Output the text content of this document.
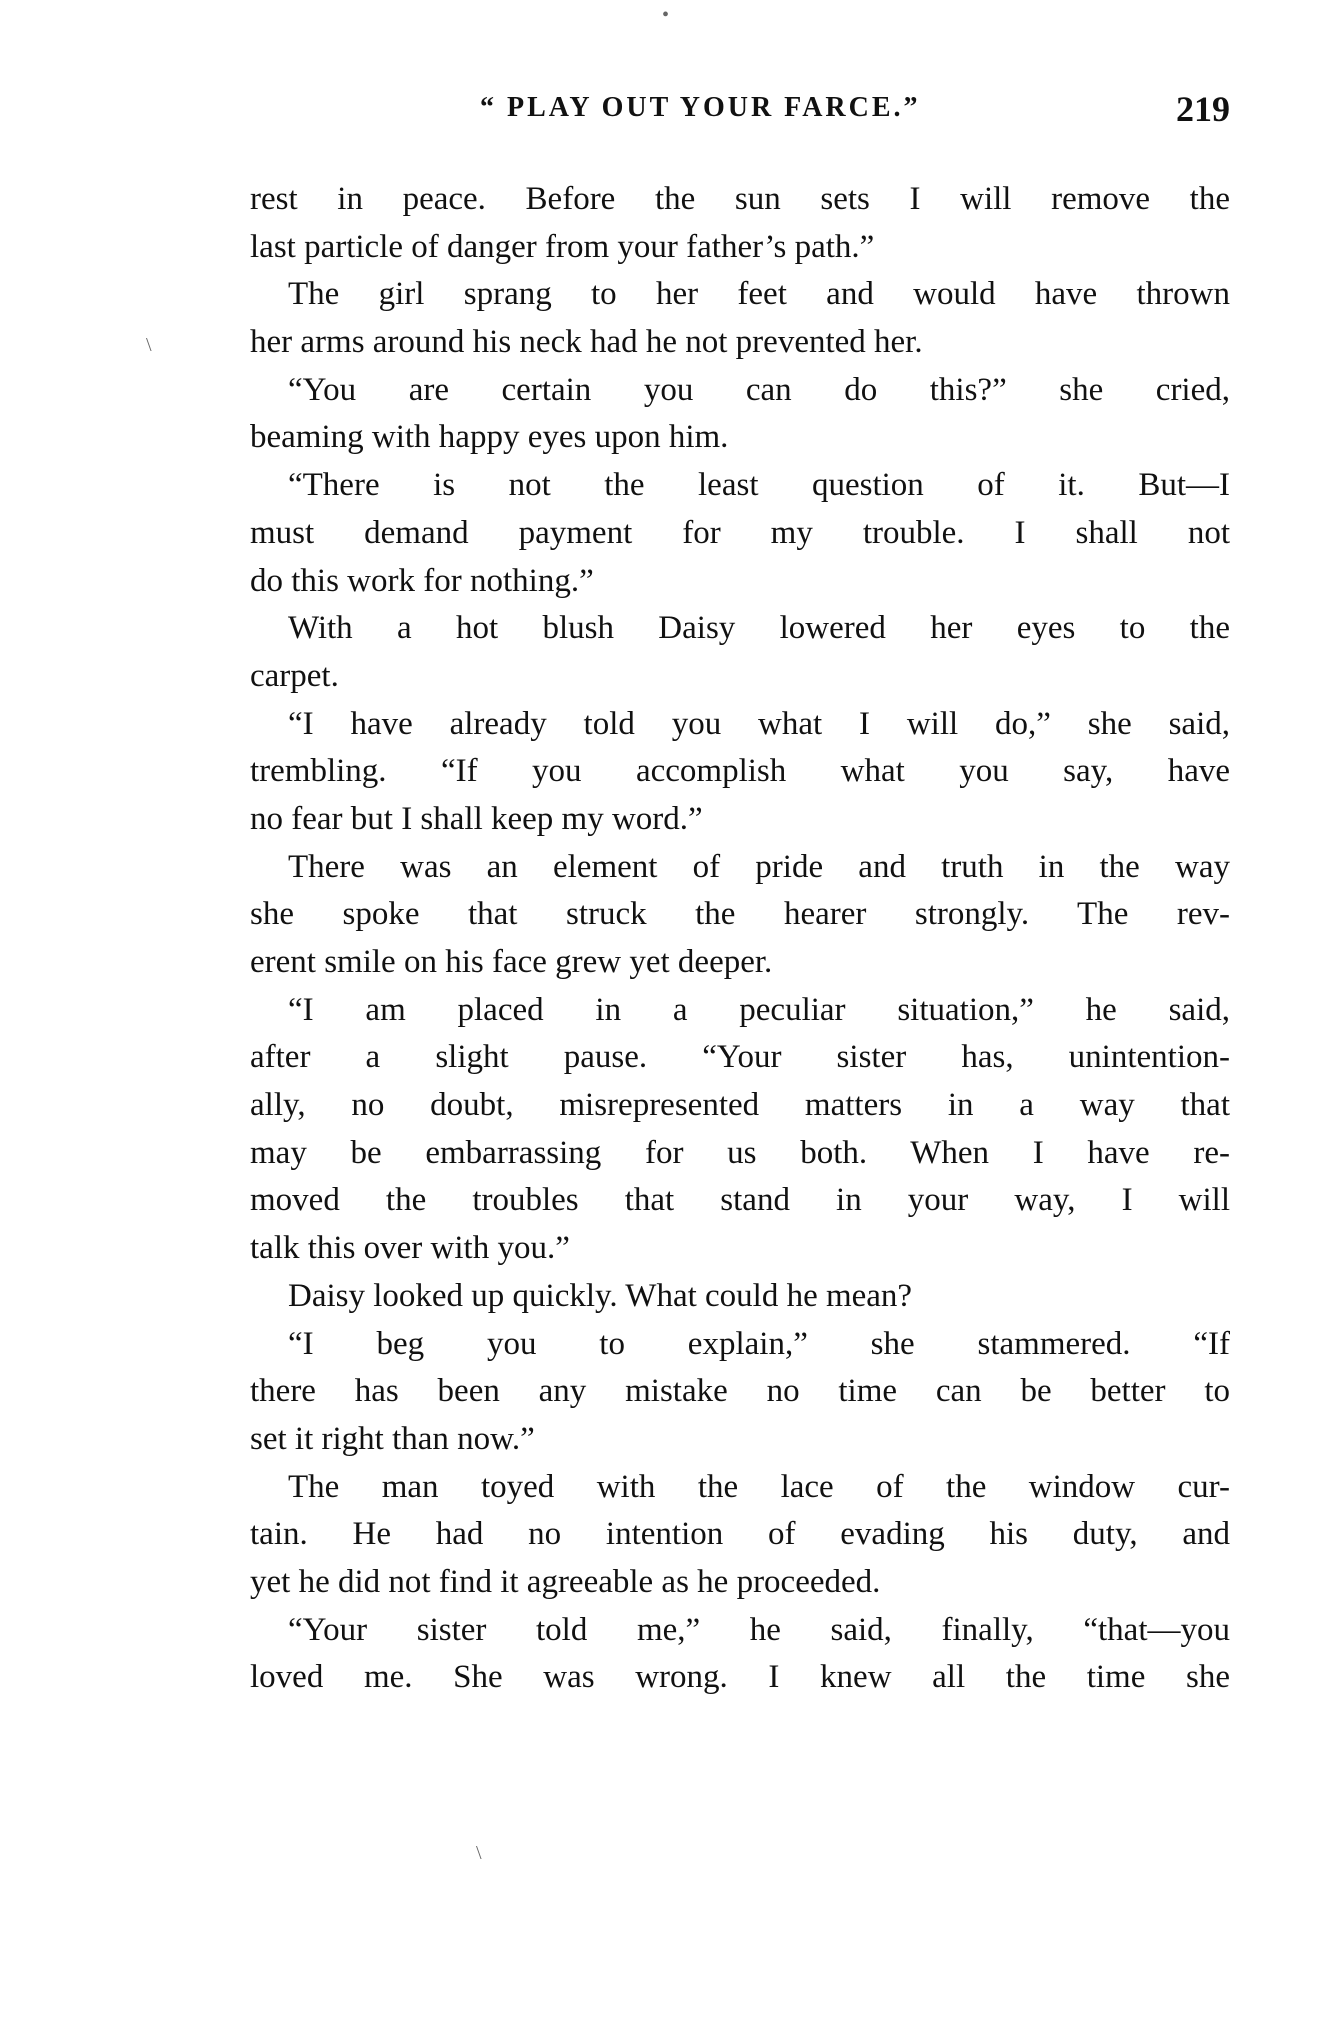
“ PLAY OUT YOUR FARCE.”	219
rest in peace. Before the sun sets I will remove the
last particle of danger from your father’s path.”
The girl sprang to her feet and would have thrown
her arms around his neck had he not prevented her.
“You are certain you can do this?” she cried,
beaming with happy eyes upon him.
“There is not the least question of it. But—I
must demand payment for my trouble. I shall not
do this work for nothing.”
With a hot blush Daisy lowered her eyes to the
carpet.
“I have already told you what I will do,” she said,
trembling. “If you accomplish what you say, have
no fear but I shall keep my word.”
There was an element of pride and truth in the way
she spoke that struck the hearer strongly. The rev-
erent smile on his face grew yet deeper.
“I am placed in a peculiar situation,” he said,
after a slight pause. “Your sister has, unintention-
ally, no doubt, misrepresented matters in a way that
may be embarrassing for us both. When I have re-
moved the troubles that stand in your way, I will
talk this over with you.”
Daisy looked up quickly. What could he mean?
“I beg you to explain,” she stammered. “If
there has been any mistake no time can be better to
set it right than now.”
The man toyed with the lace of the window cur-
tain. He had no intention of evading his duty, and
yet he did not find it agreeable as he proceeded.
“Your sister told me,” he said, finally, “that—you
loved me. She was wrong. I knew all the time she
•
\
\
